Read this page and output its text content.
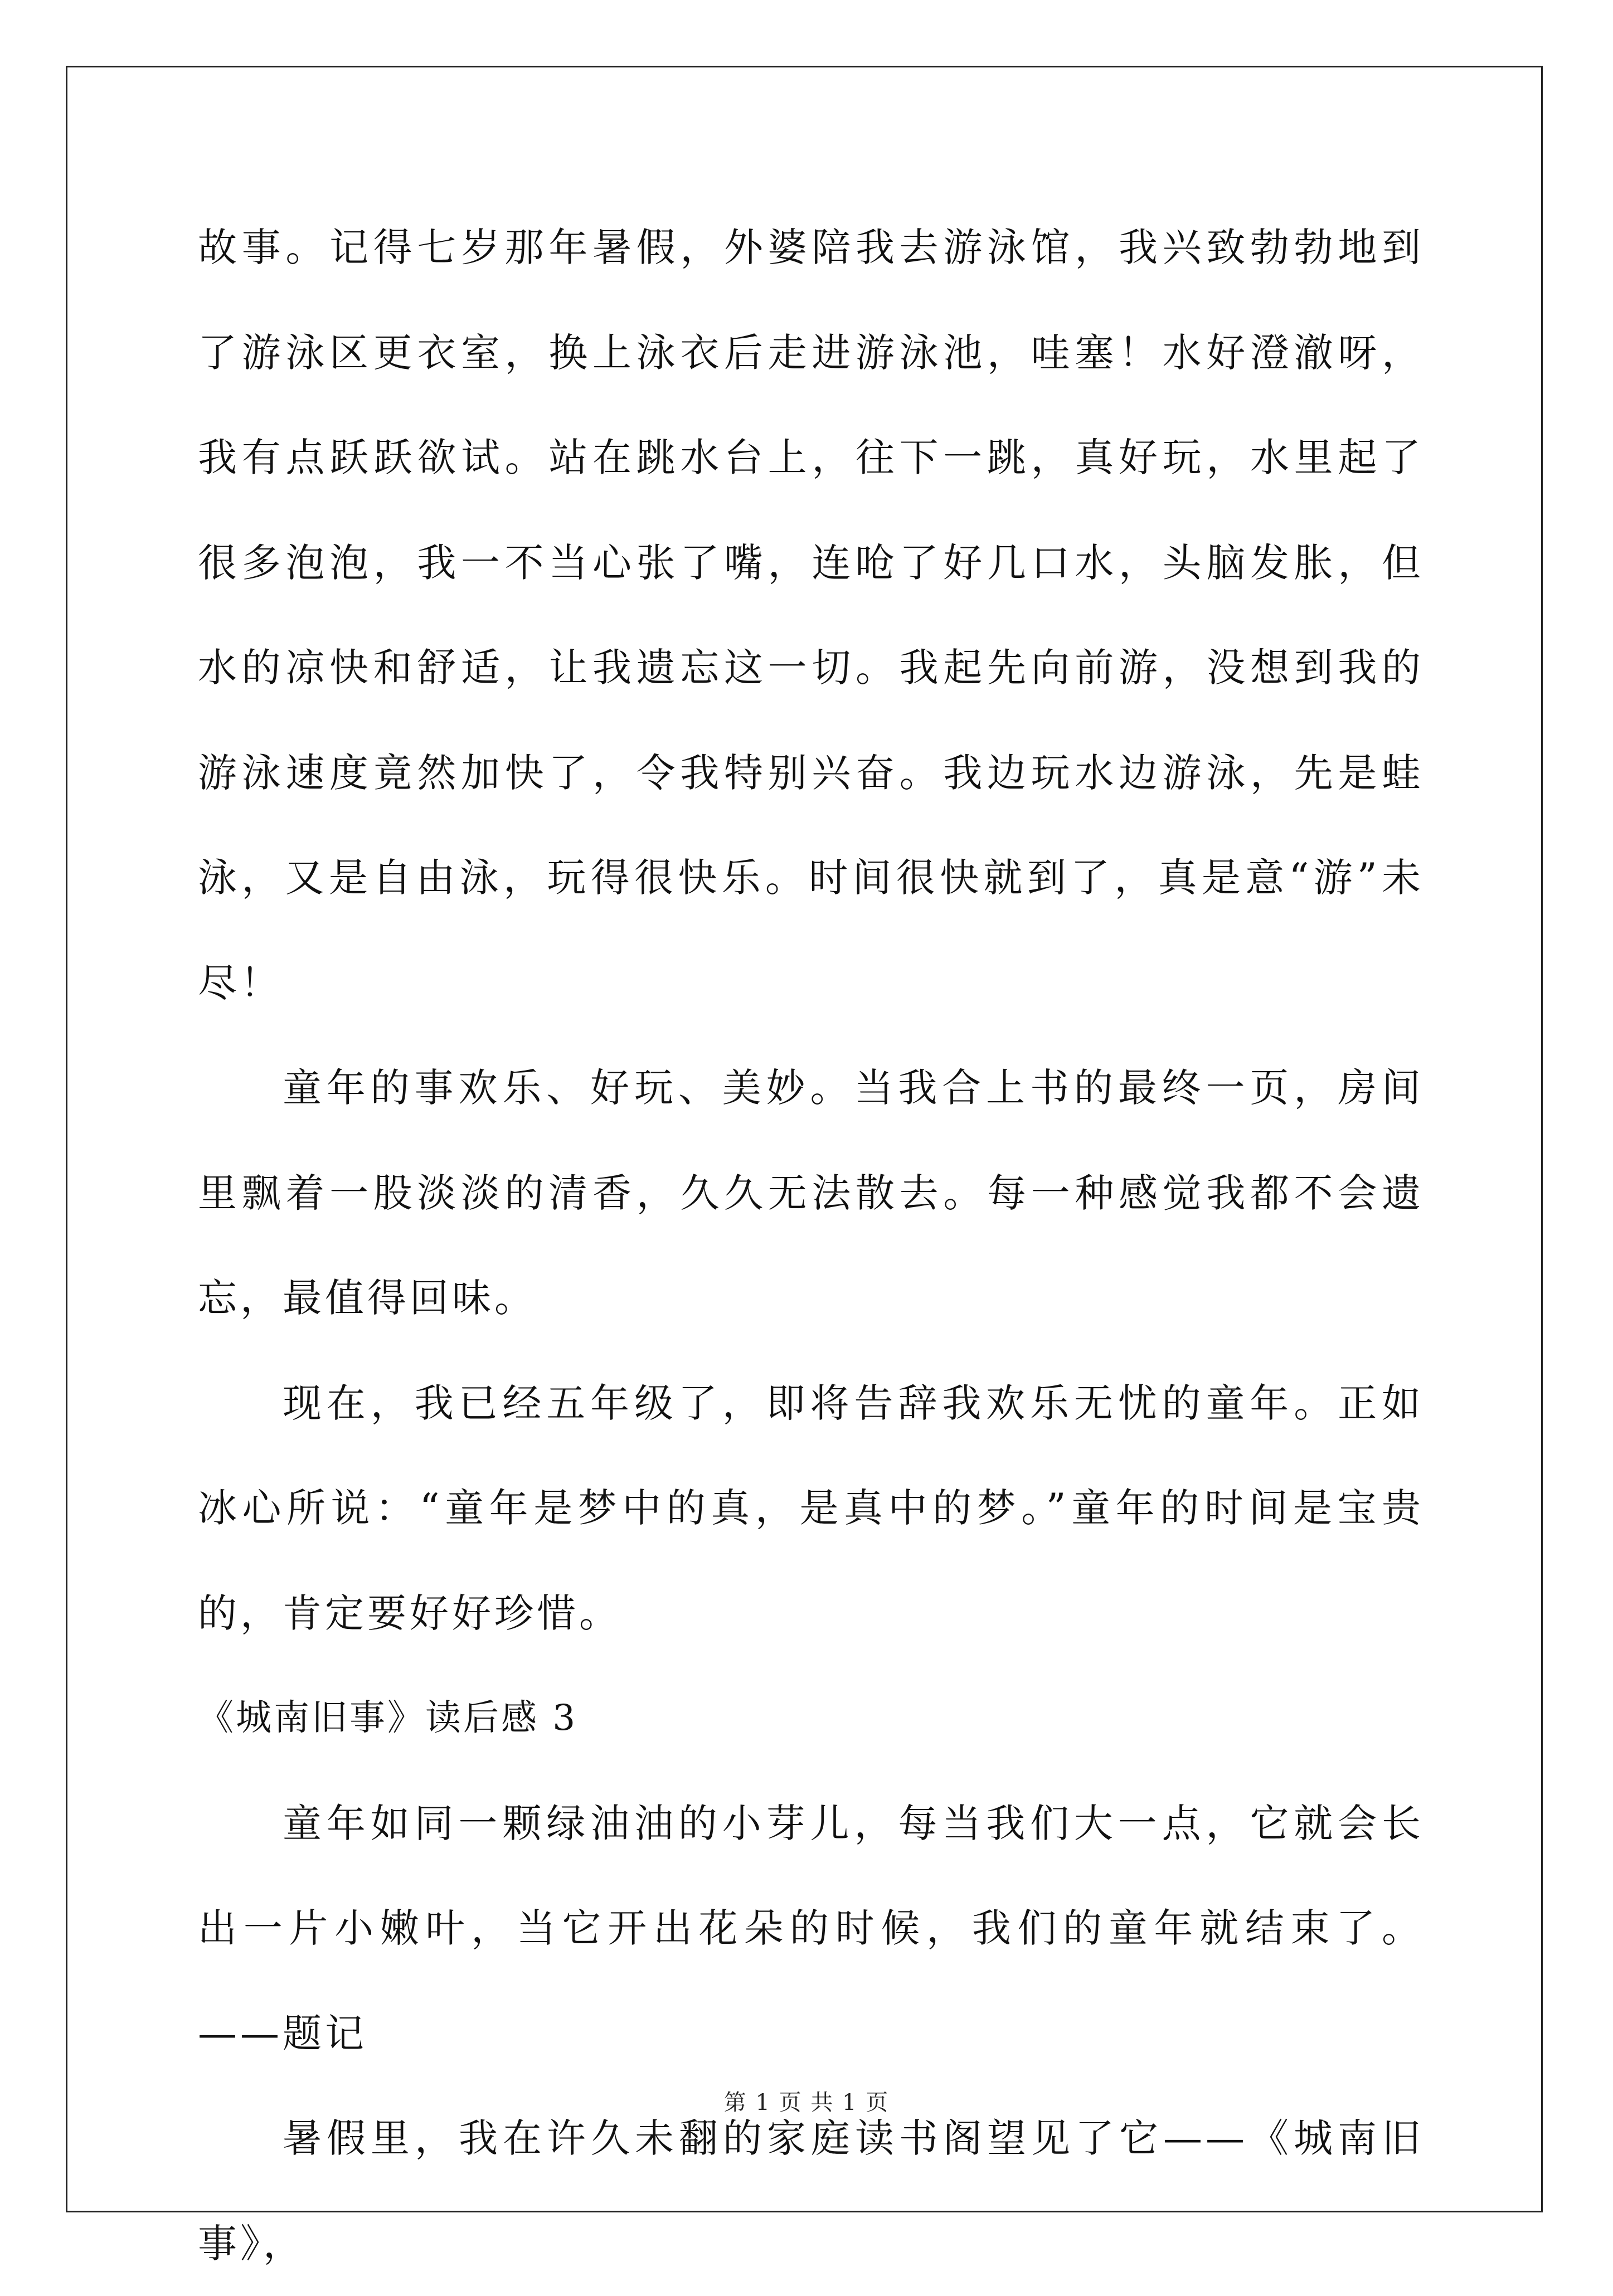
故事。记得七岁那年暑假，外婆陪我去游泳馆，我兴致勃勃地到了游泳区更衣室，换上泳衣后走进游泳池，哇塞！水好澄澈呀，我有点跃跃欲试。站在跳水台上，往下一跳，真好玩，水里起了很多泡泡，我一不当心张了嘴，连呛了好几口水，头脑发胀，但水的凉快和舒适，让我遗忘这一切。我起先向前游，没想到我的游泳速度竟然加快了，令我特别兴奋。我边玩水边游泳，先是蛙泳，又是自由泳，玩得很快乐。时间很快就到了，真是意“游”未尽！

童年的事欢乐、好玩、美妙。当我合上书的最终一页，房间里飘着一股淡淡的清香，久久无法散去。每一种感觉我都不会遗忘，最值得回味。

现在，我已经五年级了，即将告辞我欢乐无忧的童年。正如冰心所说：“童年是梦中的真，是真中的梦。”童年的时间是宝贵的，肯定要好好珍惜。

《城南旧事》读后感 3

童年如同一颗绿油油的小芽儿，每当我们大一点，它就会长出一片小嫩叶，当它开出花朵的时候，我们的童年就结束了。 ——题记

暑假里，我在许久未翻的家庭读书阁望见了它——《城南旧事》，

第 1 页 共 1 页
